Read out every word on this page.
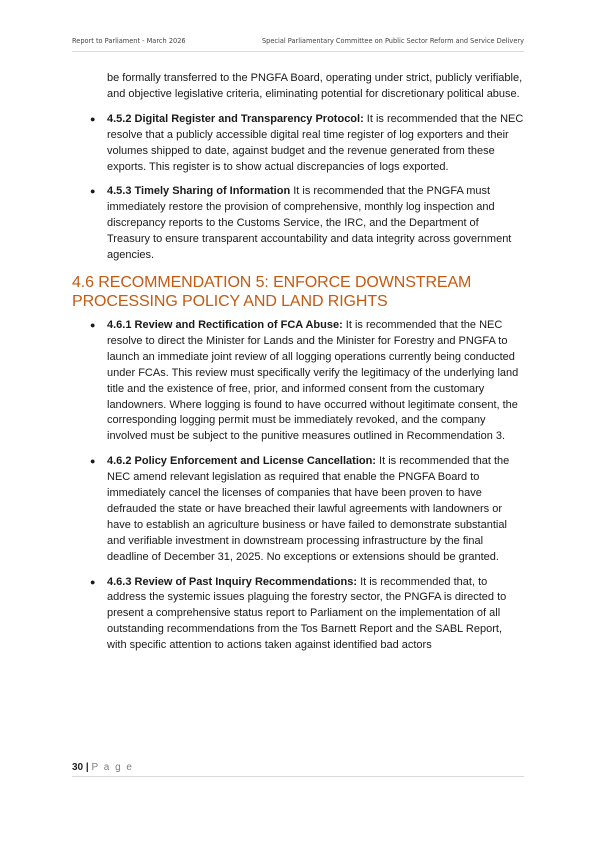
Report to Parliament - March 2026	Special Parliamentary Committee on Public Sector Reform and Service Delivery

be formally transferred to the PNGFA Board, operating under strict, publicly verifiable, and objective legislative criteria, eliminating potential for discretionary political abuse.

● 4.5.2 Digital Register and Transparency Protocol: It is recommended that the NEC resolve that a publicly accessible digital real time register of log exporters and their volumes shipped to date, against budget and the revenue generated from these exports. This register is to show actual discrepancies of logs exported.
● 4.5.3 Timely Sharing of Information It is recommended that the PNGFA must immediately restore the provision of comprehensive, monthly log inspection and discrepancy reports to the Customs Service, the IRC, and the Department of Treasury to ensure transparent accountability and data integrity across government agencies.
4.6 RECOMMENDATION 5: ENFORCE DOWNSTREAM PROCESSING POLICY AND LAND RIGHTS
● 4.6.1 Review and Rectification of FCA Abuse: It is recommended that the NEC resolve to direct the Minister for Lands and the Minister for Forestry and PNGFA to launch an immediate joint review of all logging operations currently being conducted under FCAs. This review must specifically verify the legitimacy of the underlying land title and the existence of free, prior, and informed consent from the customary landowners. Where logging is found to have occurred without legitimate consent, the corresponding logging permit must be immediately revoked, and the company involved must be subject to the punitive measures outlined in Recommendation 3.
● 4.6.2 Policy Enforcement and License Cancellation: It is recommended that the NEC amend relevant legislation as required that enable the PNGFA Board to immediately cancel the licenses of companies that have been proven to have defrauded the state or have breached their lawful agreements with landowners or have to establish an agriculture business or have failed to demonstrate substantial and verifiable investment in downstream processing infrastructure by the final deadline of December 31, 2025. No exceptions or extensions should be granted.
● 4.6.3 Review of Past Inquiry Recommendations: It is recommended that, to address the systemic issues plaguing the forestry sector, the PNGFA is directed to present a comprehensive status report to Parliament on the implementation of all outstanding recommendations from the Tos Barnett Report and the SABL Report, with specific attention to actions taken against identified bad actors
30 | P a g e
